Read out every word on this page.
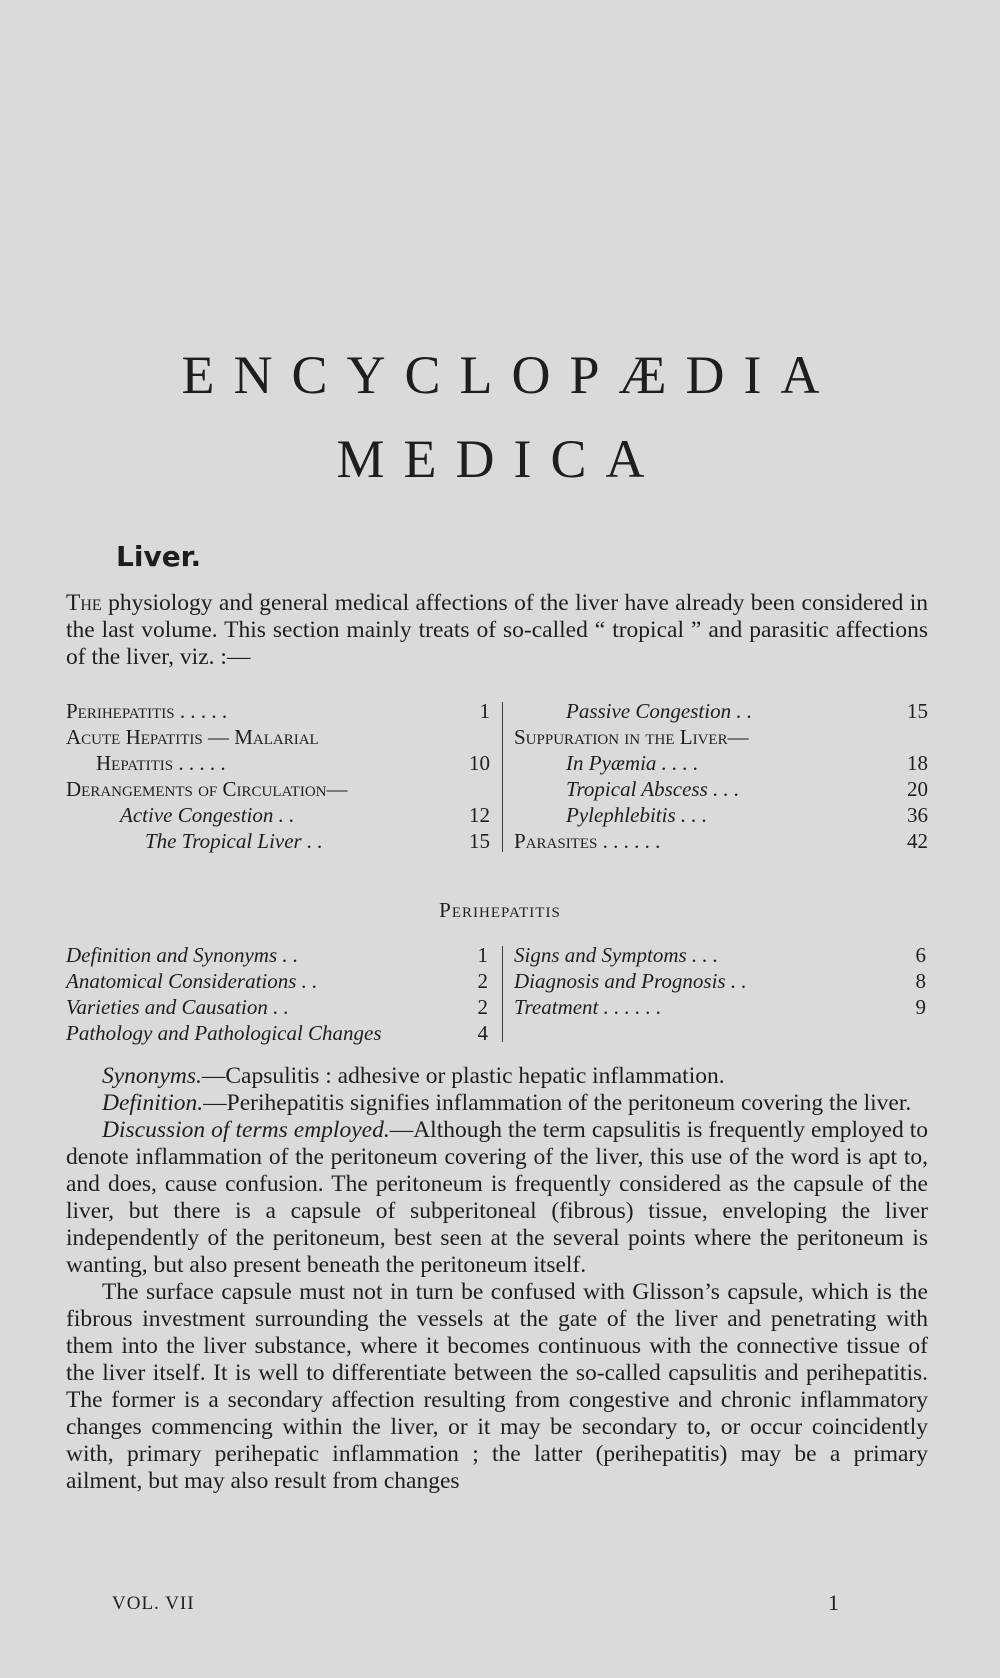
ENCYCLOPÆDIA
MEDICA
Liver.
The physiology and general medical affections of the liver have already been considered in the last volume. This section mainly treats of so-called “ tropical ” and parasitic affections of the liver, viz. :—
Perihepatitis . . . . .	1
Acute Hepatitis — Malarial
Hepatitis . . . . .	10
Derangements of Circulation—
Active Congestion . .	12
The Tropical Liver . .	15
Passive Congestion . .	15
Suppuration in the Liver—
In Pyæmia . . . .	18
Tropical Abscess . . .	20
Pylephlebitis . . .	36
Parasites . . . . . .	42
Perihepatitis
Definition and Synonyms . .	1
Anatomical Considerations . .	2
Varieties and Causation . .	2
Pathology and Pathological Changes	4
Signs and Symptoms . . .	6
Diagnosis and Prognosis . .	8
Treatment . . . . . .	9

Synonyms.—Capsulitis : adhesive or plastic hepatic inflammation.

Definition.—Perihepatitis signifies inflammation of the peritoneum covering the liver.

Discussion of terms employed.—Although the term capsulitis is frequently employed to denote inflammation of the peritoneum covering of the liver, this use of the word is apt to, and does, cause confusion. The peritoneum is frequently considered as the capsule of the liver, but there is a capsule of subperitoneal (fibrous) tissue, enveloping the liver independently of the peritoneum, best seen at the several points where the peritoneum is wanting, but also present beneath the peritoneum itself.

The surface capsule must not in turn be confused with Glisson’s capsule, which is the fibrous investment surrounding the vessels at the gate of the liver and penetrating with them into the liver substance, where it becomes continuous with the connective tissue of the liver itself. It is well to differentiate between the so-called capsulitis and perihepatitis. The former is a secondary affection resulting from congestive and chronic inflammatory changes commencing within the liver, or it may be secondary to, or occur coincidently with, primary perihepatic inflammation ; the latter (perihepatitis) may be a primary ailment, but may also result from changes

VOL. VII	1
